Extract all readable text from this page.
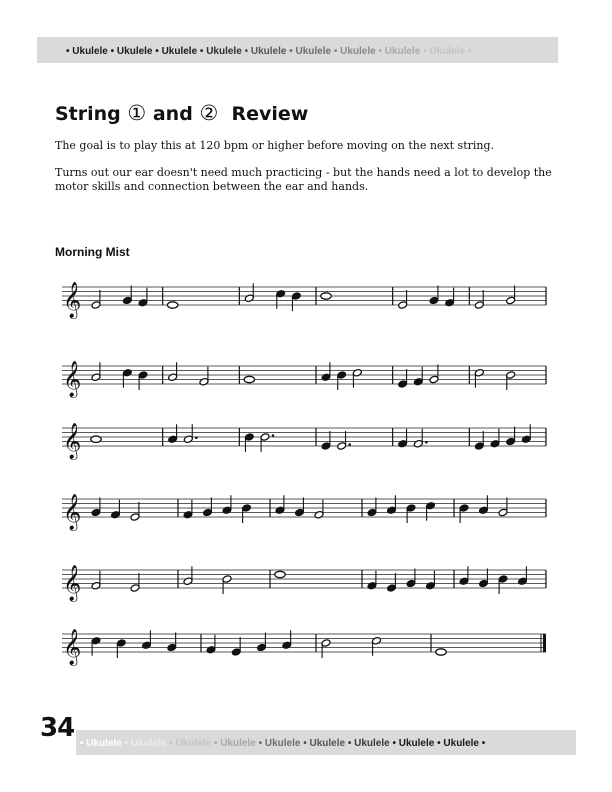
• Ukulele • Ukulele • Ukulele • Ukulele • Ukulele • Ukulele • Ukulele • Ukulele • Ukulele •
String ① and ② Review

The goal is to play this at 120 bpm or higher before moving on the next string.

Turns out our ear doesn't need much practicing - but the hands need a lot to develop the motor skills and connection between the ear and hands.

Morning Mist
𝄞
𝄞
𝄞
𝄞
𝄞
𝄞
34
• Ukulele • Ukulele • Ukulele • Ukulele • Ukulele • Ukulele • Ukulele • Ukulele • Ukulele •
